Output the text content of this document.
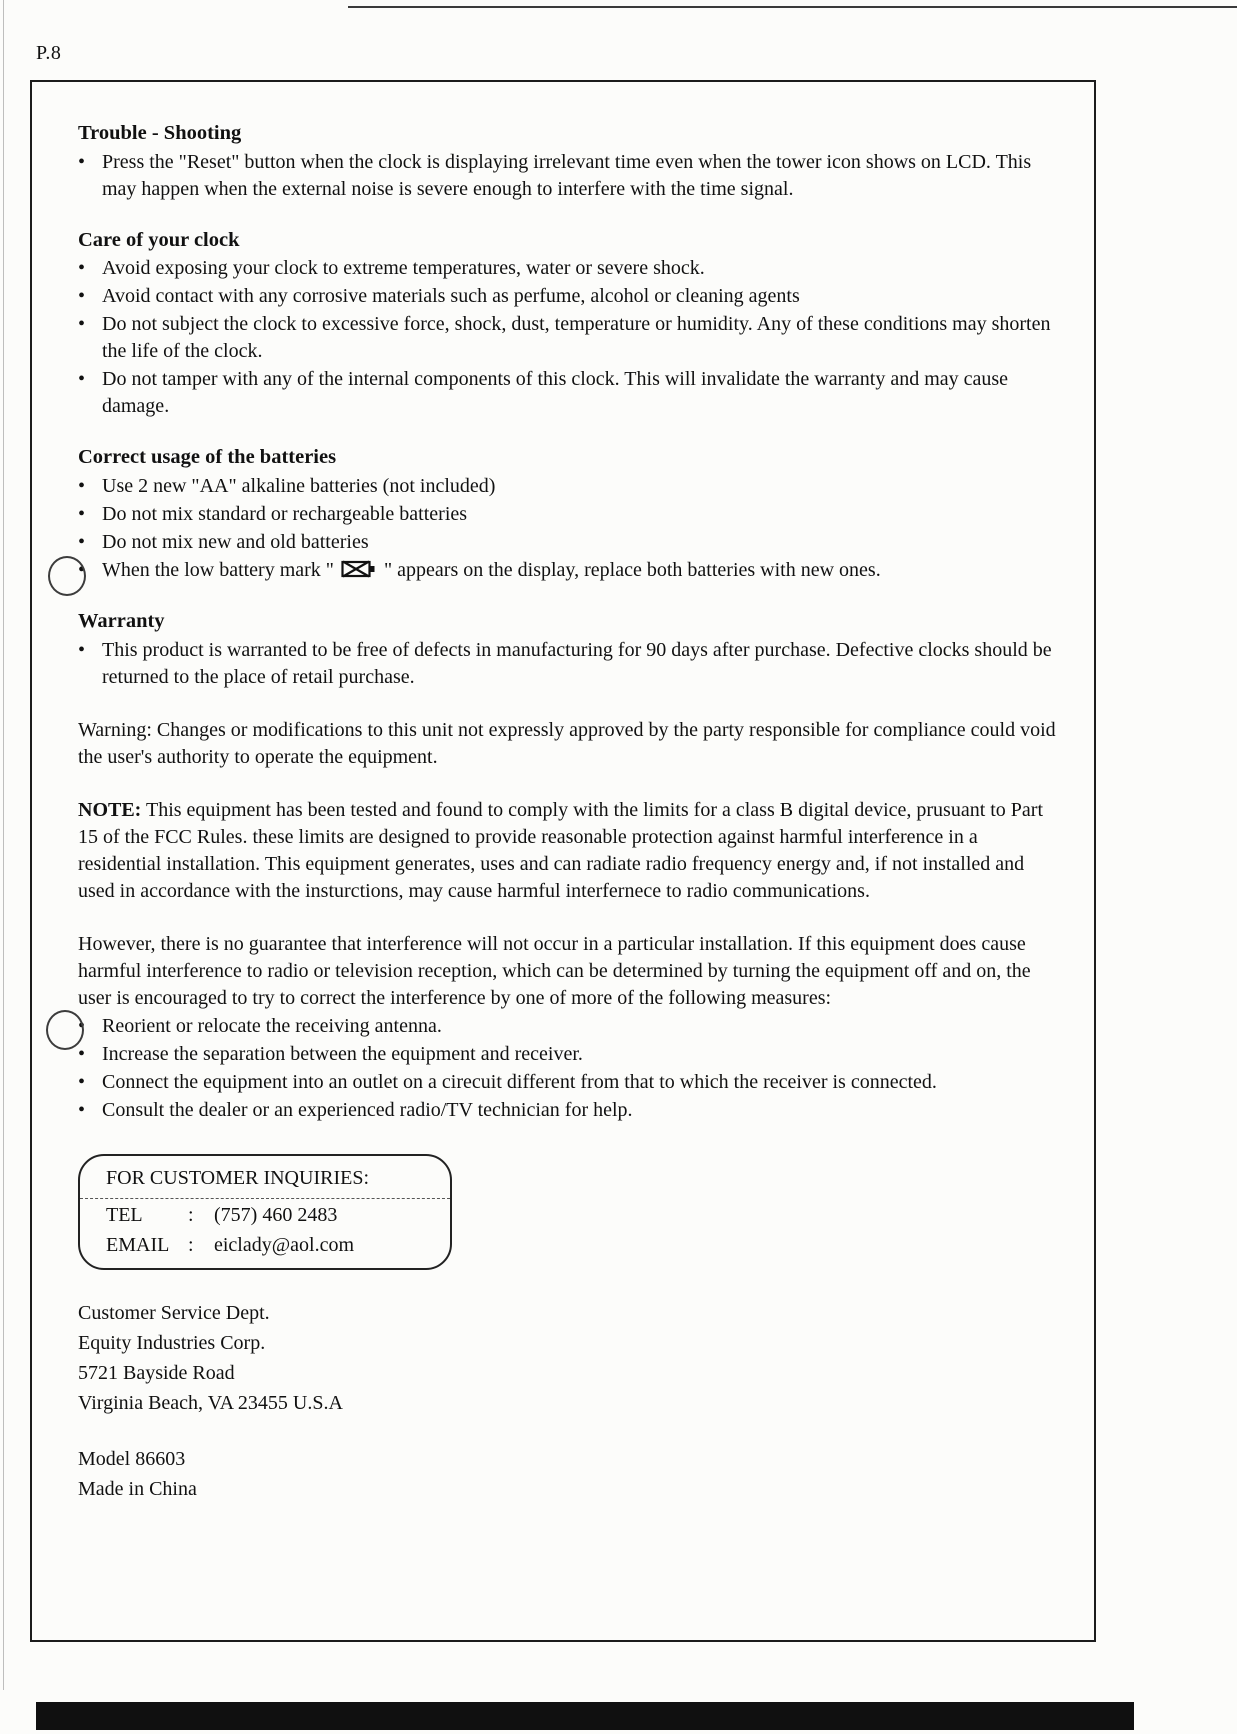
P.8
Trouble - Shooting
• Press the "Reset" button when the clock is displaying irrelevant time even when the tower icon shows on LCD. This may happen when the external noise is severe enough to interfere with the time signal.
Care of your clock
• Avoid exposing your clock to extreme temperatures, water or severe shock.
• Avoid contact with any corrosive materials such as perfume, alcohol or cleaning agents
• Do not subject the clock to excessive force, shock, dust, temperature or humidity. Any of these conditions may shorten the life of the clock.
• Do not tamper with any of the internal components of this clock. This will invalidate the warranty and may cause damage.
Correct usage of the batteries
• Use 2 new "AA" alkaline batteries (not included)
• Do not mix standard or rechargeable batteries
• Do not mix new and old batteries
• When the low battery mark "	" appears on the display, replace both batteries with new ones.
Warranty
• This product is warranted to be free of defects in manufacturing for 90 days after purchase. Defective clocks should be returned to the place of retail purchase.
Warning: Changes or modifications to this unit not expressly approved by the party responsible for compliance could void the user's authority to operate the equipment.
NOTE: This equipment has been tested and found to comply with the limits for a class B digital device, prusuant to Part 15 of the FCC Rules. these limits are designed to provide reasonable protection against harmful interference in a residential installation. This equipment generates, uses and can radiate radio frequency energy and, if not installed and used in accordance with the insturctions, may cause harmful interfernece to radio communications.
However, there is no guarantee that interference will not occur in a particular installation. If this equipment does cause harmful interference to radio or television reception, which can be determined by turning the equipment off and on, the user is encouraged to try to correct the interference by one of more of the following measures:
• Reorient or relocate the receiving antenna.
• Increase the separation between the equipment and receiver.
• Connect the equipment into an outlet on a cirecuit different from that to which the receiver is connected.
• Consult the dealer or an experienced radio/TV technician for help.
FOR CUSTOMER INQUIRIES:
TEL	:	(757) 460 2483
EMAIL :	eiclady@aol.com
Customer Service Dept.
Equity Industries Corp.
5721 Bayside Road
Virginia Beach, VA 23455 U.S.A
Model 86603
Made in China
